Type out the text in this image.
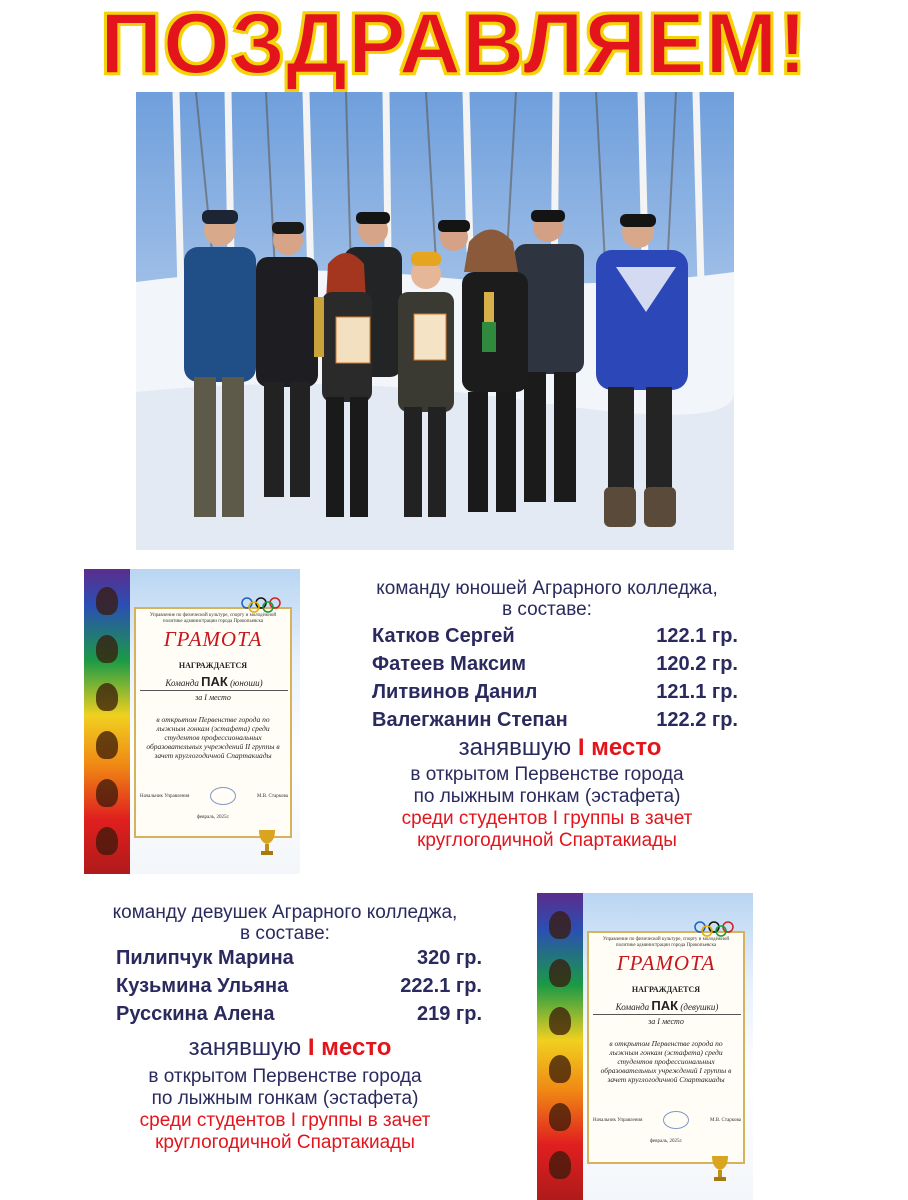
ПОЗДРАВЛЯЕМ!
Управление по физической культуре, спорту и молодёжной политике администрации города Прокопьевска
ГРАМОТА
НАГРАЖДАЕТСЯ
Команда ПАК (юноши)
за I место
в открытом Первенстве города по лыжным гонкам (эстафета) среди студентов профессиональных образовательных учреждений II группы в зачет круглогодичной Спартакиады
Начальник Управления	М.В. Старкова
февраль, 2025г.
команду юношей Аграрного колледжа,
в составе:
Катков Сергей	122.1 гр.
Фатеев Максим	120.2 гр.
Литвинов Данил	121.1 гр.
Валегжанин Степан	122.2 гр.
занявшую I место
в открытом Первенстве города
по лыжным гонкам (эстафета)
среди студентов I группы в зачет
круглогодичной Спартакиады
команду девушек Аграрного колледжа,
в составе:
Пилипчук Марина	320 гр.
Кузьмина Ульяна	222.1 гр.
Русскина Алена	219 гр.
занявшую I место
в открытом Первенстве города
по лыжным гонкам (эстафета)
среди студентов I группы в зачет
круглогодичной Спартакиады
Управление по физической культуре, спорту и молодёжной политике администрации города Прокопьевска
ГРАМОТА
НАГРАЖДАЕТСЯ
Команда ПАК (девушки)
за I место
в открытом Первенстве города по лыжным гонкам (эстафета) среди студентов профессиональных образовательных учреждений I группы в зачет круглогодичной Спартакиады
Начальник Управления	М.В. Старкова
февраль, 2025г.
